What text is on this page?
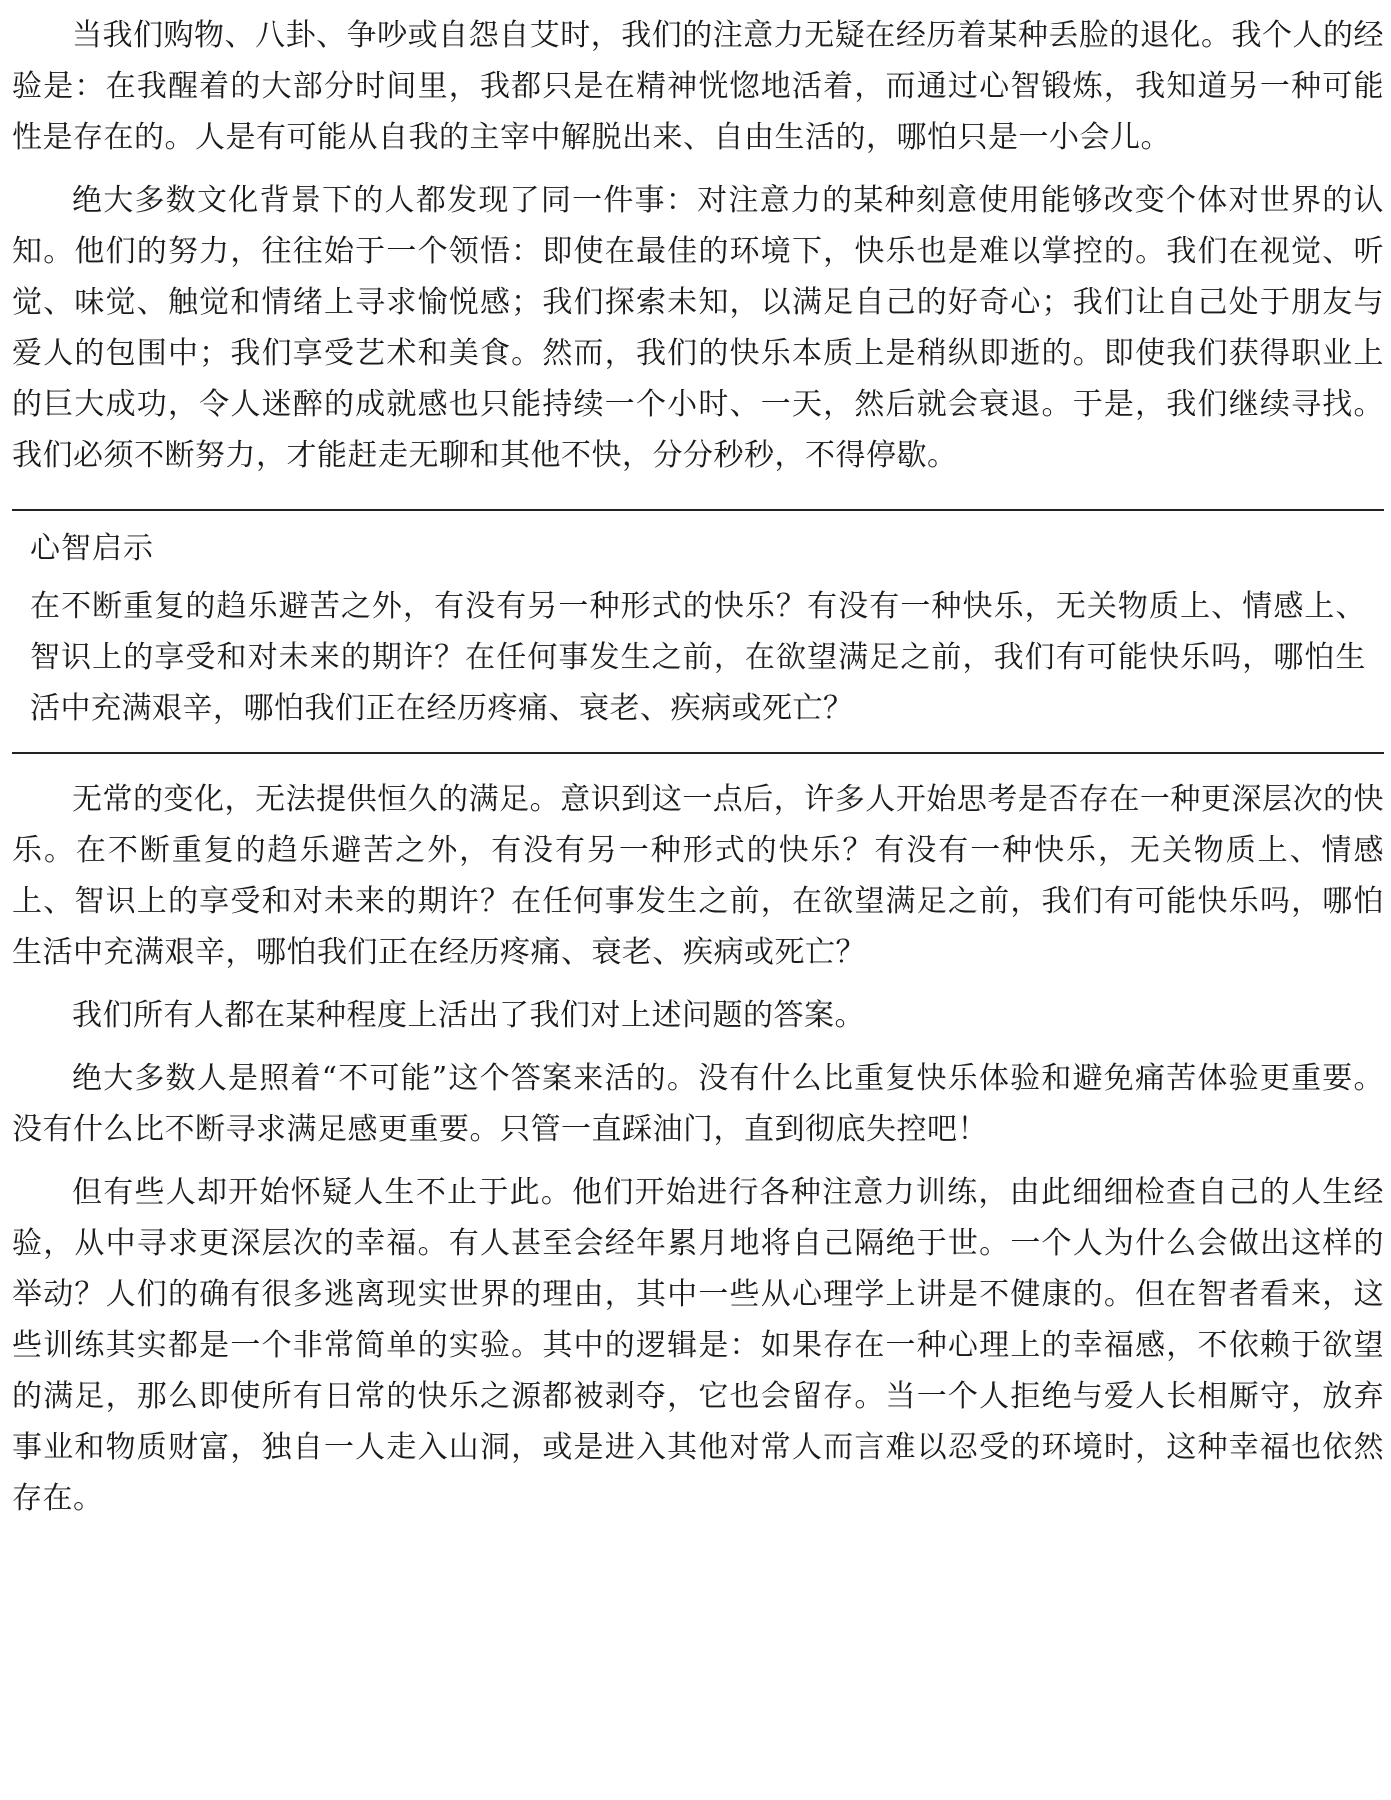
当我们购物、八卦、争吵或自怨自艾时，我们的注意力无疑在经历着某种丢脸的退化。我个人的经验是：在我醒着的大部分时间里，我都只是在精神恍惚地活着，而通过心智锻炼，我知道另一种可能性是存在的。人是有可能从自我的主宰中解脱出来、自由生活的，哪怕只是一小会儿。

绝大多数文化背景下的人都发现了同一件事：对注意力的某种刻意使用能够改变个体对世界的认知。他们的努力，往往始于一个领悟：即使在最佳的环境下，快乐也是难以掌控的。我们在视觉、听觉、味觉、触觉和情绪上寻求愉悦感；我们探索未知，以满足自己的好奇心；我们让自己处于朋友与爱人的包围中；我们享受艺术和美食。然而，我们的快乐本质上是稍纵即逝的。即使我们获得职业上的巨大成功，令人迷醉的成就感也只能持续一个小时、一天，然后就会衰退。于是，我们继续寻找。我们必须不断努力，才能赶走无聊和其他不快，分分秒秒，不得停歇。

心智启示

在不断重复的趋乐避苦之外，有没有另一种形式的快乐？有没有一种快乐，无关物质上、情感上、智识上的享受和对未来的期许？在任何事发生之前，在欲望满足之前，我们有可能快乐吗，哪怕生活中充满艰辛，哪怕我们正在经历疼痛、衰老、疾病或死亡？

无常的变化，无法提供恒久的满足。意识到这一点后，许多人开始思考是否存在一种更深层次的快乐。在不断重复的趋乐避苦之外，有没有另一种形式的快乐？有没有一种快乐，无关物质上、情感上、智识上的享受和对未来的期许？在任何事发生之前，在欲望满足之前，我们有可能快乐吗，哪怕生活中充满艰辛，哪怕我们正在经历疼痛、衰老、疾病或死亡？

我们所有人都在某种程度上活出了我们对上述问题的答案。

绝大多数人是照着“不可能”这个答案来活的。没有什么比重复快乐体验和避免痛苦体验更重要。没有什么比不断寻求满足感更重要。只管一直踩油门，直到彻底失控吧！

但有些人却开始怀疑人生不止于此。他们开始进行各种注意力训练，由此细细检查自己的人生经验，从中寻求更深层次的幸福。有人甚至会经年累月地将自己隔绝于世。一个人为什么会做出这样的举动？人们的确有很多逃离现实世界的理由，其中一些从心理学上讲是不健康的。但在智者看来，这些训练其实都是一个非常简单的实验。其中的逻辑是：如果存在一种心理上的幸福感，不依赖于欲望的满足，那么即使所有日常的快乐之源都被剥夺，它也会留存。当一个人拒绝与爱人长相厮守，放弃事业和物质财富，独自一人走入山洞，或是进入其他对常人而言难以忍受的环境时，这种幸福也依然存在。
